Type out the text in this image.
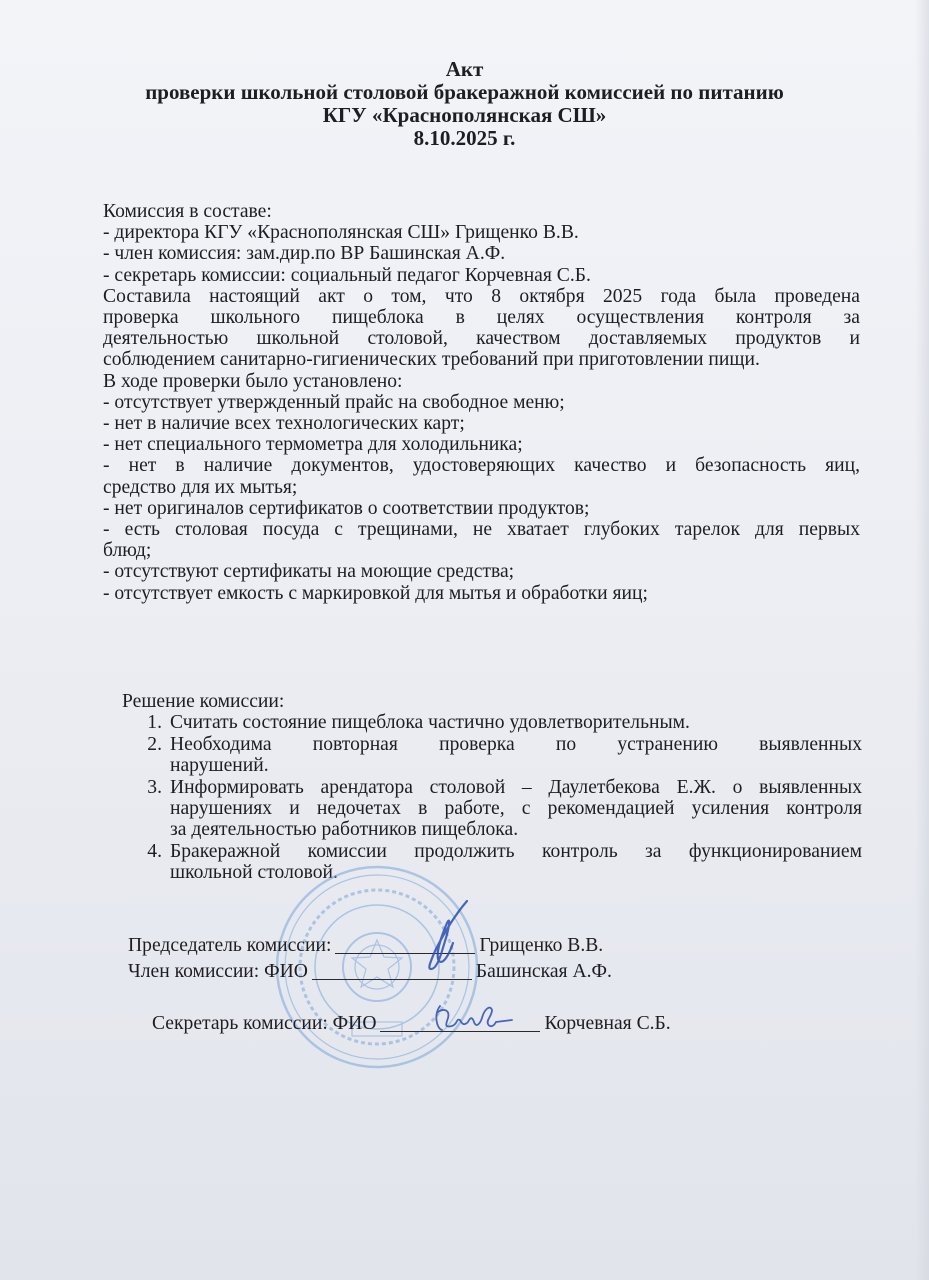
Акт
проверки школьной столовой бракеражной комиссией по питанию
КГУ «Краснополянская СШ»
8.10.2025 г.
Комиссия в составе:
- директора КГУ «Краснополянская СШ» Грищенко В.В.
- член комиссия: зам.дир.по ВР Башинская А.Ф.
- секретарь комиссии: социальный педагог Корчевная С.Б.
Составила настоящий акт о том, что 8 октября 2025 года была проведена
проверка школьного пищеблока в целях осуществления контроля за
деятельностью школьной столовой, качеством доставляемых продуктов и
соблюдением санитарно-гигиенических требований при приготовлении пищи.
В ходе проверки было установлено:
- отсутствует утвержденный прайс на свободное меню;
- нет в наличие всех технологических карт;
- нет специального термометра для холодильника;
- нет в наличие документов, удостоверяющих качество и безопасность яиц,
средство для их мытья;
- нет оригиналов сертификатов о соответствии продуктов;
- есть столовая посуда с трещинами, не хватает глубоких тарелок для первых
блюд;
- отсутствуют сертификаты на моющие средства;
- отсутствует емкость с маркировкой для мытья и обработки яиц;
Решение комиссии:
1. Считать состояние пищеблока частично удовлетворительным.
2. Необходима повторная проверка по устранению выявленных
нарушений.
3. Информировать арендатора столовой – Даулетбекова Е.Ж. о выявленных
нарушениях и недочетах в работе, с рекомендацией усиления контроля
за деятельностью работников пищеблока.
4. Бракеражной комиссии продолжить контроль за функционированием
школьной столовой.
Председатель комиссии:	Грищенко В.В.
Член комиссии: ФИО	Башинская А.Ф.
Секретарь комиссии: ФИО	Корчевная С.Б.
